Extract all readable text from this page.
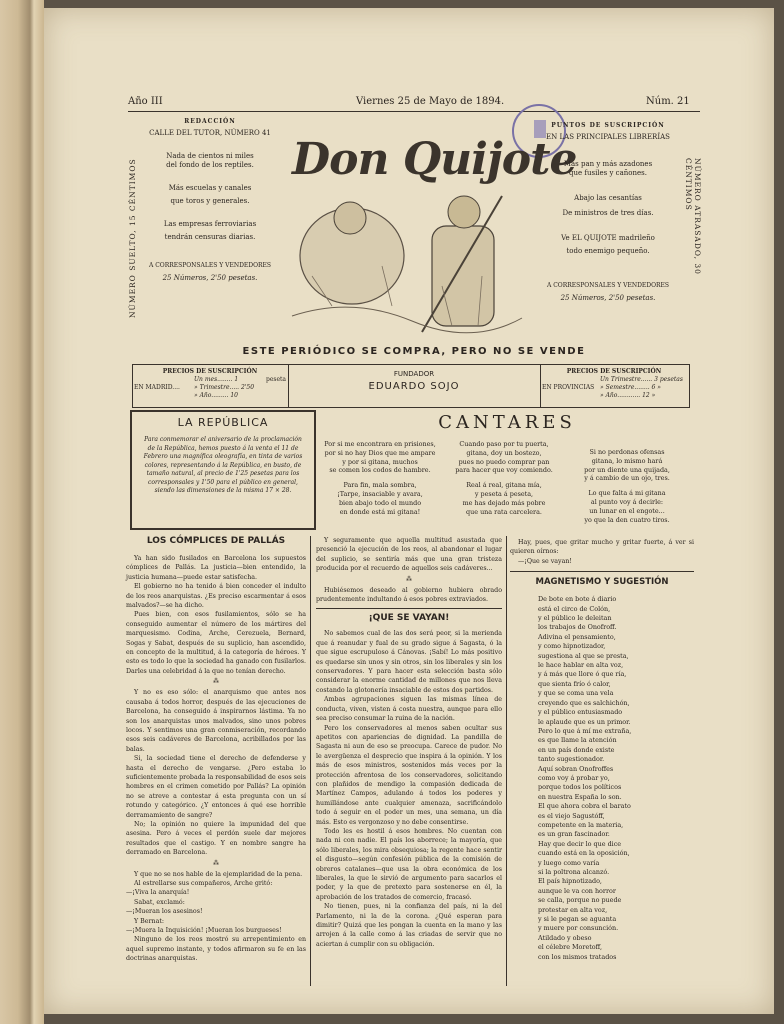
Año III	Viernes 25 de Mayo de 1894.	Núm. 21
NÚMERO SUELTO, 15 CÉNTIMOS	NÚMERO ATRASADO, 30 CÉNTIMOS
REDACCIÓN
CALLE DEL TUTOR, NÚMERO 41
Nada de cientos ni miles
del fondo de los reptiles.
Más escuelas y canales
que toros y generales.
Las empresas ferroviarias
tendrán censuras diarias.
A CORRESPONSALES Y VENDEDORES
25 Números, 2'50 pesetas.
Don Quijote
PUNTOS DE SUSCRIPCIÓN
EN LAS PRINCIPALES LIBRERÍAS
Más pan y más azadones
que fusiles y cañones.
Abajo las cesantías
De ministros de tres días.
Ve EL QUIJOTE madrileño
todo enemigo pequeño.
A CORRESPONSALES Y VENDEDORES
25 Números, 2'50 pesetas.
ESTE PERIÓDICO SE COMPRA, PERO NO SE VENDE
PRECIOS DE SUSCRIPCIÓN
EN MADRID....
Un mes........ 1
» Trimestre..... 2'50
» Año......... 10
peseta
FUNDADOR
EDUARDO SOJO
PRECIOS DE SUSCRIPCIÓN
EN PROVINCIAS
Un Trimestre...... 3 pesetas
» Semestre........ 6 »
» Año............ 12 »
LA REPÚBLICA
Para conmemorar el aniversario de la proclamación de la República, hemos puesto á la venta el 11 de Febrero una magnífica oleografía, en tinta de varios colores, representando á la República, en busto, de tamaño natural, al precio de 1'25 pesetas para los corresponsales y 1'50 para el público en general, siendo las dimensiones de la misma 17 × 28.
CANTARES
Por si me encontrara en prisiones,
por si no hay Dios que me ampare
y por si gitana, muchos
se comen los codos de hambre.
Para fin, mala sombra,
¡Tarpe, insaciable y avara,
bien abajo todo el mundo
en donde está mi gitana!
Cuando paso por tu puerta,
gitana, doy un bostezo,
pues no puedo comprar pan
para hacer que voy comiendo.
Real á real, gitana mía,
y peseta á peseta,
me has dejado más pobre
que una rata carcelera.
Si no perdonas ofensas
gitana, lo mismo hará
por un diente una quijada,
y á cambio de un ojo, tres.
Lo que falta á mi gitana
al punto voy á decirle:
un lunar en el engote...
yo que la den cuatro tiros.
LOS CÓMPLICES DE PALLÁS

Ya han sido fusilados en Barcelona los supuestos cómplices de Pallás. La justicia—bien entendido, la justicia humana—puede estar satisfecha.

El gobierno no ha tenido á bien conceder el indulto de los reos anarquistas. ¿Es preciso escarmentar á esos malvados?—se ha dicho.

Pues bien, con esos fusilamientos, sólo se ha conseguido aumentar el número de los mártires del marquesismo. Codina, Arche, Cerezuela, Bernard, Sogas y Sabat, después de su suplicio, han ascendido, en concepto de la multitud, á la categoría de héroes. Y esto es todo lo que la sociedad ha ganado con fusilarlos. Darles una celebridad á la que no tenían derecho.

⁂

Y no es eso sólo: el anarquismo que antes nos causaba á todos horror, después de las ejecuciones de Barcelona, ha conseguido á inspirarnos lástima. Ya no son los anarquistas unos malvados, sino unos pobres locos. Y sentimos una gran conmiseración, recordando esos seis cadáveres de Barcelona, acribillados por las balas.

Si, la sociedad tiene el derecho de defenderse y hasta el derecho de vengarse. ¿Pero estaba lo suficientemente probada la responsabilidad de esos seis hombres en el crimen cometido por Pallás? La opinión no se atreve a contestar á esta pregunta con un sí rotundo y categórico. ¿Y entonces á qué ese horrible derramamiento de sangre?

No; la opinión no quiere la impunidad del que asesina. Pero á veces el perdón suele dar mejores resultados que el castigo. Y en nombre sangre ha derramado en Barcelona.

⁂

Y que no se nos hable de la ejemplaridad de la pena.

Al estrellarse sus compañeros, Arche gritó:

—¡Viva la anarquía!

Sabat, exclamó:

—¡Mueran los asesinos!

Y Bernat:

—¡Muera la Inquisición! ¡Mueran los burgueses!

Ninguno de los reos mostró su arrepentimiento en aquel supremo instante, y todos afirmaron su fe en las doctrinas anarquistas.

Y seguramente que aquella multitud asustada que presenció la ejecución de los reos, al abandonar el lugar del suplicio, se sentiría más que una gran tristeza producida por el recuerdo de aquellos seis cadáveres...

⁂

Hubiésemos deseado al gobierno hubiera obrado prudentemente indultando á esos pobres extraviados.

¡QUE SE VAYAN!

No sabemos cual de las dos será peor, si la merienda que á reanudar y fual de su grado sigue á Sagasta, ó la que sigue escrupuloso á Cánovas. ¡Sabí! Lo más positivo es quedarse sin unos y sin otros, sin los liberales y sin los conservadores. Y para hacer esta selección basta sólo considerar la enorme cantidad de millones que nos lleva costando la glotonería insaciable de estos dos partidos.

Ambas agrupaciones siguen las mismas línea de conducta, viven, visten á costa nuestra, aunque para ello sea preciso consumar la ruina de la nación.

Pero los conservadores al menos saben ocultar sus apetitos con apariencias de dignidad. La pandilla de Sagasta ni aun de eso se preocupa. Carece de pudor. No le avergüenza el desprecio que inspira á la opinión. Y los más de esos ministros, sostenidos más veces por la protección afrentosa de los conservadores, solicitando con plañidos de mendigo la compasión dedicada de Martínez Campos, adulando á todos los poderes y humillándose ante cualquier amenaza, sacrificándolo todo á seguir en el poder un mes, una semana, un día más. Esto es vergonzoso y no debe consentirse.

Todo les es hostil á esos hombres. No cuentan con nada ni con nadie. El país los aborrece; la mayoría, que sólo liberales, los mira obsequiosa; la regente hace sentir el disgusto—según confesión pública de la comisión de obreros catalanes—que usa la obra económica de los liberales, la que le sirvió de argumento para sacarlos el poder, y la que de pretexto para sostenerse en él, la aprobación de los tratados de comercio, fracasó.

No tienen, pues, ni la confianza del país, ni la del Parlamento, ni la de la corona. ¿Qué esperan para dimitir? Quizá que les pongan la cuenta en la mano y las arrojen á la calle como á las criadas de servir que no aciertan á cumplir con su obligación.

Hay, pues, que gritar mucho y gritar fuerte, á ver si quieren oírnos:

—¡Que se vayan!

MAGNETISMO Y SUGESTIÓN
De bote en bote á diario
está el circo de Colón,
y el público le deleitan
los trabajos de Onofroff.
Adivina el pensamiento,
y como hipnotizador,
sugestiona al que se presta,
le hace hablar en alta voz,
y á más que llore ó que ría,
que sienta frío ó calor,
y que se coma una vela
creyendo que es salchichón,
y el público entusiasmado
le aplaude que es un primor.
Pero lo que á mí me extraña,
es que llame la atención
en un país donde existe
tanto sugestionador.
Aquí sobran Onofroffes
como voy á probar yo,
porque todos los políticos
en nuestra España lo son.
El que ahora cobra el barato
es el viejo Sagustóff,
competente en la materia,
es un gran fascinador.
Hay que decir lo que dice
cuando está en la oposición,
y luego como varía
si la poltrona alcanzó.
El país hipnotizado,
aunque le va con horror
se calla, porque no puede
protestar en alta voz,
y si le pegan se aguanta
y muere por consunción.
Atildado y obeso
el célebre Moretoff,
con los mismos tratados
